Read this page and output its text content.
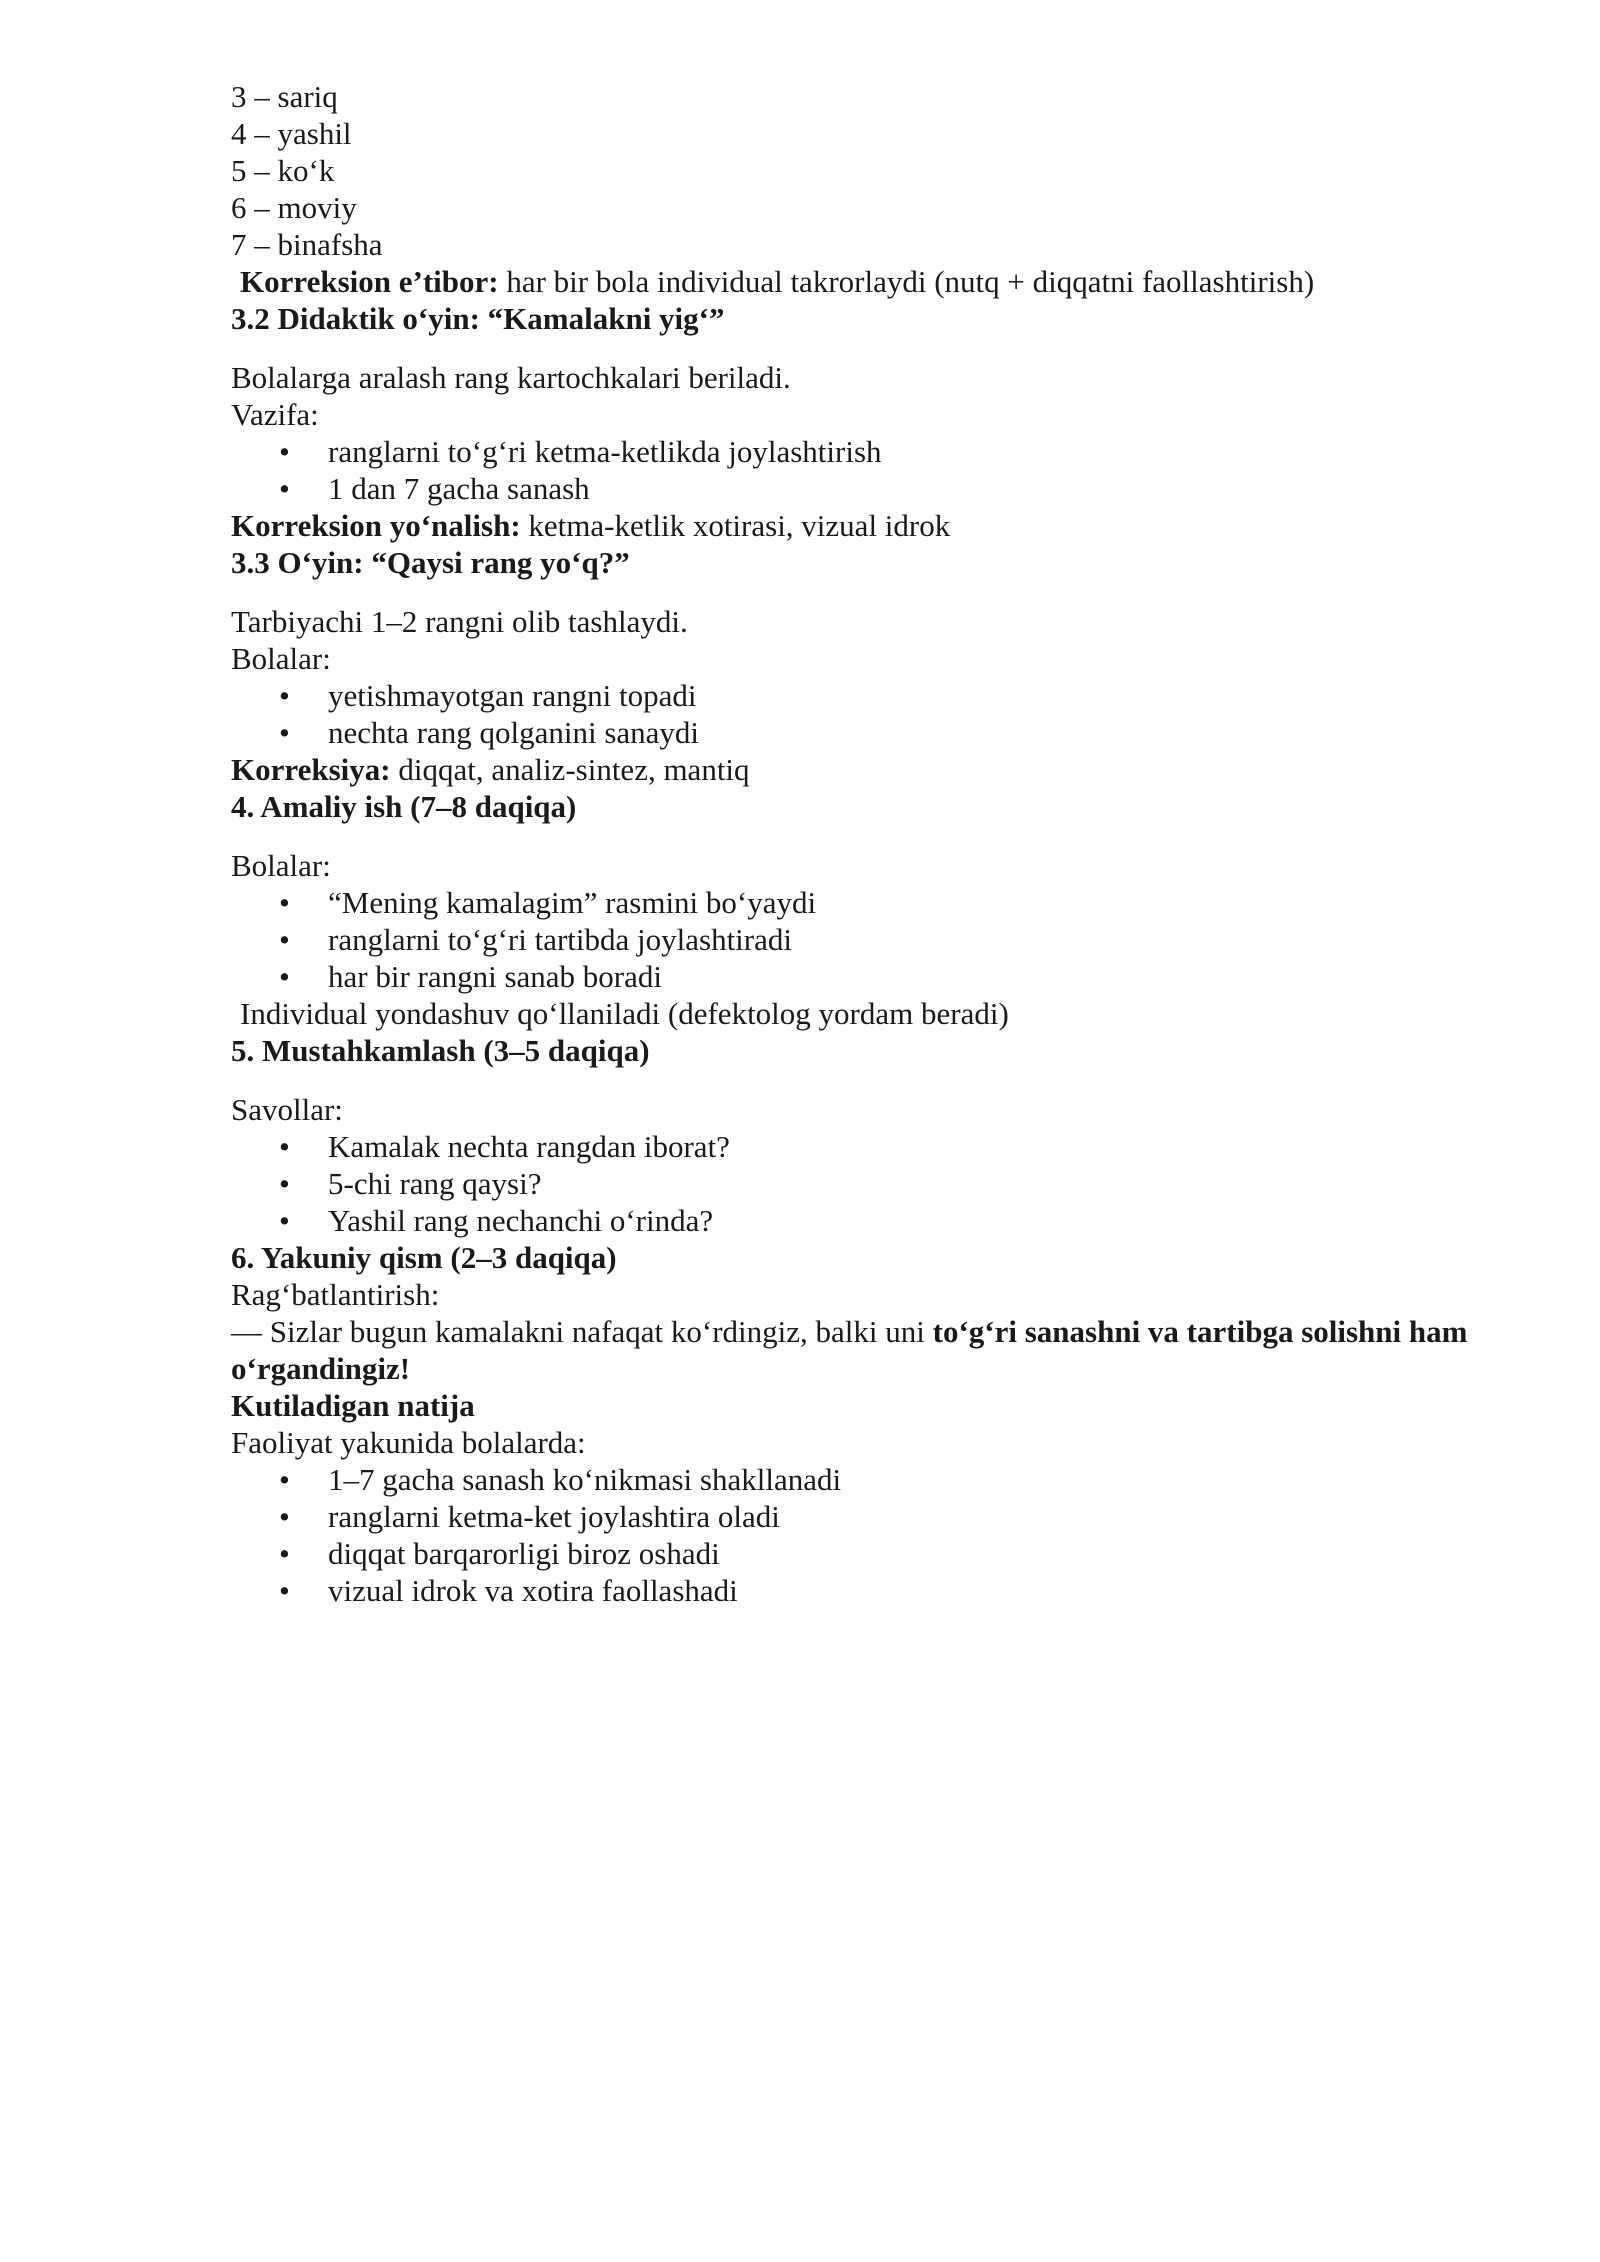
3 – sariq

4 – yashil

5 – ko‘k

6 – moviy

7 – binafsha

Korreksion e’tibor: har bir bola individual takrorlaydi (nutq + diqqatni faollashtirish)

3.2 Didaktik o‘yin: “Kamalakni yig‘”

Bolalarga aralash rang kartochkalari beriladi.

Vazifa:

• ranglarni to‘g‘ri ketma-ketlikda joylashtirish
• 1 dan 7 gacha sanash

Korreksion yo‘nalish: ketma-ketlik xotirasi, vizual idrok

3.3 O‘yin: “Qaysi rang yo‘q?”

Tarbiyachi 1–2 rangni olib tashlaydi.

Bolalar:

• yetishmayotgan rangni topadi
• nechta rang qolganini sanaydi

Korreksiya: diqqat, analiz-sintez, mantiq

4. Amaliy ish (7–8 daqiqa)

Bolalar:

• “Mening kamalagim” rasmini bo‘yaydi
• ranglarni to‘g‘ri tartibda joylashtiradi
• har bir rangni sanab boradi

Individual yondashuv qo‘llaniladi (defektolog yordam beradi)

5. Mustahkamlash (3–5 daqiqa)

Savollar:

• Kamalak nechta rangdan iborat?
• 5-chi rang qaysi?
• Yashil rang nechanchi o‘rinda?

6. Yakuniy qism (2–3 daqiqa)

Rag‘batlantirish:

— Sizlar bugun kamalakni nafaqat ko‘rdingiz, balki uni to‘g‘ri sanashni va tartibga solishni ham o‘rgandingiz!

Kutiladigan natija

Faoliyat yakunida bolalarda:

• 1–7 gacha sanash ko‘nikmasi shakllanadi
• ranglarni ketma-ket joylashtira oladi
• diqqat barqarorligi biroz oshadi
• vizual idrok va xotira faollashadi
